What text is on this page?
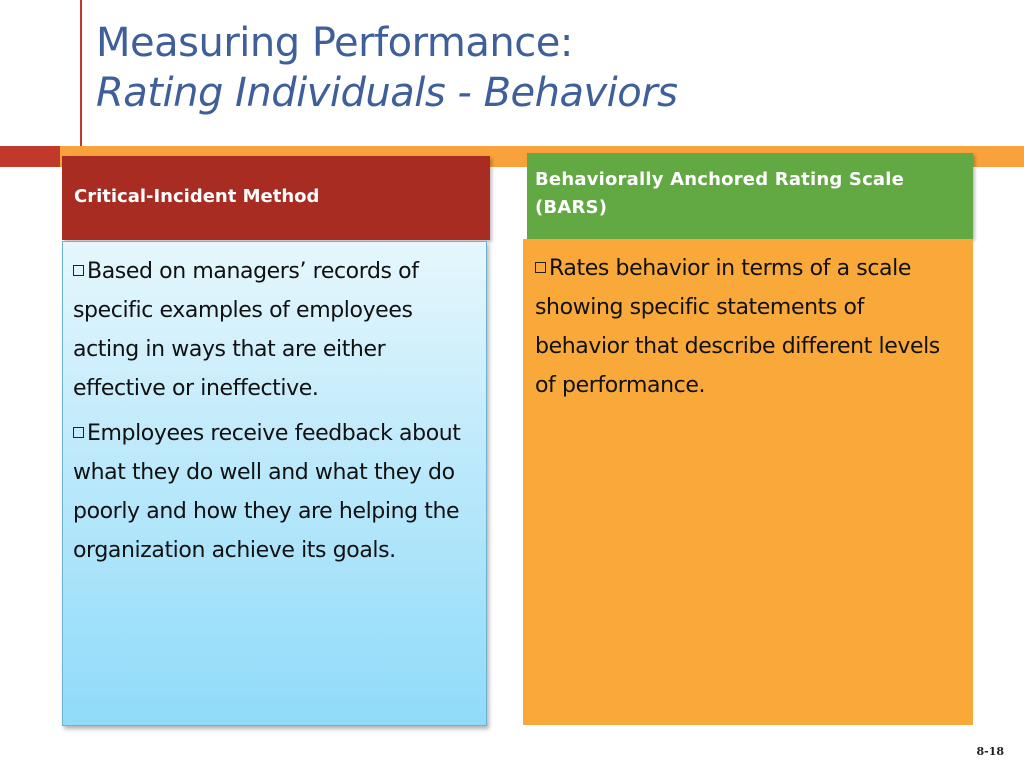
Measuring Performance:
Rating Individuals - Behaviors
Critical-Incident Method
Behaviorally Anchored Rating Scale (BARS)
Based on managers’ records of specific examples of employees acting in ways that are either effective or ineffective.
Employees receive feedback about what they do well and what they do poorly and how they are helping the organization achieve its goals.
Rates behavior in terms of a scale showing specific statements of behavior that describe different levels of performance.
8-18
